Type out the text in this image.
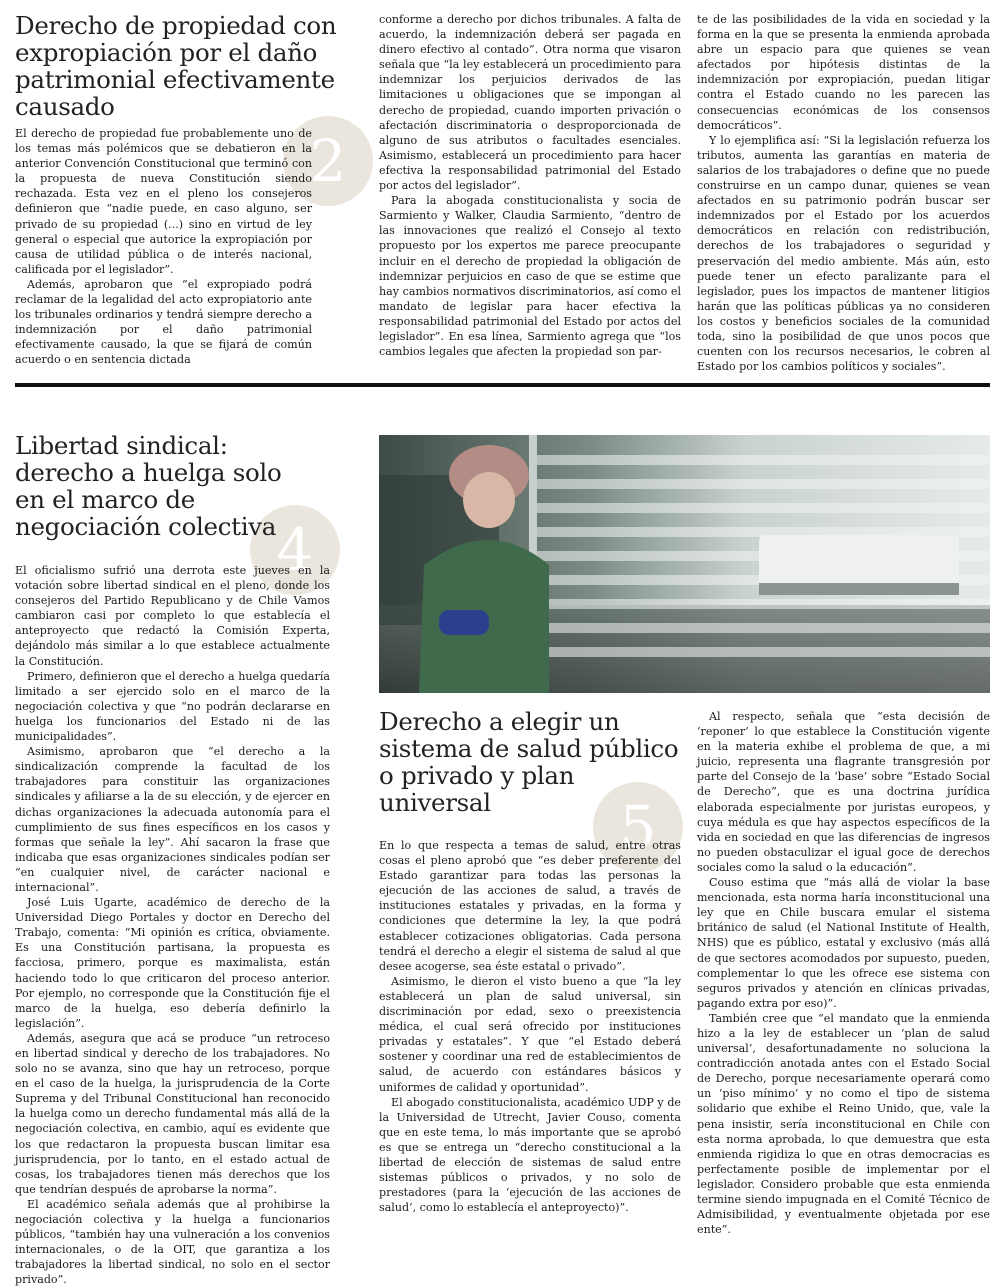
2
Derecho de propiedad con expropiación por el daño patrimonial efectivamente causado

El derecho de propiedad fue probablemente uno de los temas más polémicos que se debatieron en la anterior Convención Constitucional que terminó con la propuesta de nueva Constitución siendo rechazada. Esta vez en el pleno los consejeros definieron que “nadie puede, en caso alguno, ser privado de su propiedad (...) sino en virtud de ley general o especial que autorice la expropiación por causa de utilidad pública o de interés nacional, calificada por el legislador”.

Además, aprobaron que “el expropiado podrá reclamar de la legalidad del acto expropiatorio ante los tribunales ordinarios y tendrá siempre derecho a indemnización por el daño patrimonial efectivamente causado, la que se fijará de común acuerdo o en sentencia dictada

conforme a derecho por dichos tribunales. A falta de acuerdo, la indemnización deberá ser pagada en dinero efectivo al contado”. Otra norma que visaron señala que “la ley establecerá un procedimiento para indemnizar los perjuicios derivados de las limitaciones u obligaciones que se impongan al derecho de propiedad, cuando importen privación o afectación discriminatoria o desproporcionada de alguno de sus atributos o facultades esenciales. Asimismo, establecerá un procedimiento para hacer efectiva la responsabilidad patrimonial del Estado por actos del legislador”.

Para la abogada constitucionalista y socia de Sarmiento y Walker, Claudia Sarmiento, “dentro de las innovaciones que realizó el Consejo al texto propuesto por los expertos me parece preocupante incluir en el derecho de propiedad la obligación de indemnizar perjuicios en caso de que se estime que hay cambios normativos discriminatorios, así como el mandato de legislar para hacer efectiva la responsabilidad patrimonial del Estado por actos del legislador”. En esa línea, Sarmiento agrega que “los cambios legales que afecten la propiedad son par-

te de las posibilidades de la vida en sociedad y la forma en la que se presenta la enmienda aprobada abre un espacio para que quienes se vean afectados por hipótesis distintas de la indemnización por expropiación, puedan litigar contra el Estado cuando no les parecen las consecuencias económicas de los consensos democráticos”.

Y lo ejemplifica así: “Si la legislación refuerza los tributos, aumenta las garantías en materia de salarios de los trabajadores o define que no puede construirse en un campo dunar, quienes se vean afectados en su patrimonio podrán buscar ser indemnizados por el Estado por los acuerdos democráticos en relación con redistribución, derechos de los trabajadores o seguridad y preservación del medio ambiente. Más aún, esto puede tener un efecto paralizante para el legislador, pues los impactos de mantener litigios harán que las políticas públicas ya no consideren los costos y beneficios sociales de la comunidad toda, sino la posibilidad de que unos pocos que cuenten con los recursos necesarios, le cobren al Estado por los cambios políticos y sociales”.

4
Libertad sindical: derecho a huelga solo en el marco de negociación colectiva

El oficialismo sufrió una derrota este jueves en la votación sobre libertad sindical en el pleno, donde los consejeros del Partido Republicano y de Chile Vamos cambiaron casi por completo lo que establecía el anteproyecto que redactó la Comisión Experta, dejándolo más similar a lo que establece actualmente la Constitución.

Primero, definieron que el derecho a huelga quedaría limitado a ser ejercido solo en el marco de la negociación colectiva y que “no podrán declararse en huelga los funcionarios del Estado ni de las municipalidades”.

Asimismo, aprobaron que “el derecho a la sindicalización comprende la facultad de los trabajadores para constituir las organizaciones sindicales y afiliarse a la de su elección, y de ejercer en dichas organizaciones la adecuada autonomía para el cumplimiento de sus fines específicos en los casos y formas que señale la ley”. Ahí sacaron la frase que indicaba que esas organizaciones sindicales podían ser “en cualquier nivel, de carácter nacional e internacional”.

José Luis Ugarte, académico de derecho de la Universidad Diego Portales y doctor en Derecho del Trabajo, comenta: “Mi opinión es crítica, obviamente. Es una Constitución partisana, la propuesta es facciosa, primero, porque es maximalista, están haciendo todo lo que criticaron del proceso anterior. Por ejemplo, no corresponde que la Constitución fije el marco de la huelga, eso debería definirlo la legislación”.

Además, asegura que acá se produce “un retroceso en libertad sindical y derecho de los trabajadores. No solo no se avanza, sino que hay un retroceso, porque en el caso de la huelga, la jurisprudencia de la Corte Suprema y del Tribunal Constitucional han reconocido la huelga como un derecho fundamental más allá de la negociación colectiva, en cambio, aquí es evidente que los que redactaron la propuesta buscan limitar esa jurisprudencia, por lo tanto, en el estado actual de cosas, los trabajadores tienen más derechos que los que tendrían después de aprobarse la norma”.

El académico señala además que al prohibirse la negociación colectiva y la huelga a funcionarios públicos, “también hay una vulneración a los convenios internacionales, o de la OIT, que garantiza a los trabajadores la libertad sindical, no solo en el sector privado”.

5
Derecho a elegir un sistema de salud público o privado y plan universal

En lo que respecta a temas de salud, entre otras cosas el pleno aprobó que “es deber preferente del Estado garantizar para todas las personas la ejecución de las acciones de salud, a través de instituciones estatales y privadas, en la forma y condiciones que determine la ley, la que podrá establecer cotizaciones obligatorias. Cada persona tendrá el derecho a elegir el sistema de salud al que desee acogerse, sea éste estatal o privado”.

Asimismo, le dieron el visto bueno a que “la ley establecerá un plan de salud universal, sin discriminación por edad, sexo o preexistencia médica, el cual será ofrecido por instituciones privadas y estatales”. Y que “el Estado deberá sostener y coordinar una red de establecimientos de salud, de acuerdo con estándares básicos y uniformes de calidad y oportunidad”.

El abogado constitucionalista, académico UDP y de la Universidad de Utrecht, Javier Couso, comenta que en este tema, lo más importante que se aprobó es que se entrega un “derecho constitucional a la libertad de elección de sistemas de salud entre sistemas públicos o privados, y no solo de prestadores (para la ‘ejecución de las acciones de salud’, como lo establecía el anteproyecto)”.

Al respecto, señala que “esta decisión de ‘reponer’ lo que establece la Constitución vigente en la materia exhibe el problema de que, a mi juicio, representa una flagrante transgresión por parte del Consejo de la ‘base’ sobre “Estado Social de Derecho”, que es una doctrina jurídica elaborada especialmente por juristas europeos, y cuya médula es que hay aspectos específicos de la vida en sociedad en que las diferencias de ingresos no pueden obstaculizar el igual goce de derechos sociales como la salud o la educación”.

Couso estima que “más allá de violar la base mencionada, esta norma haría inconstitucional una ley que en Chile buscara emular el sistema británico de salud (el National Institute of Health, NHS) que es público, estatal y exclusivo (más allá de que sectores acomodados por supuesto, pueden, complementar lo que les ofrece ese sistema con seguros privados y atención en clínicas privadas, pagando extra por eso)”.

También cree que “el mandato que la enmienda hizo a la ley de establecer un ‘plan de salud universal’, desafortunadamente no soluciona la contradicción anotada antes con el Estado Social de Derecho, porque necesariamente operará como un ‘piso mínimo’ y no como el tipo de sistema solidario que exhibe el Reino Unido, que, vale la pena insistir, sería inconstitucional en Chile con esta norma aprobada, lo que demuestra que esta enmienda rigidiza lo que en otras democracias es perfectamente posible de implementar por el legislador. Considero probable que esta enmienda termine siendo impugnada en el Comité Técnico de Admisibilidad, y eventualmente objetada por ese ente”.
